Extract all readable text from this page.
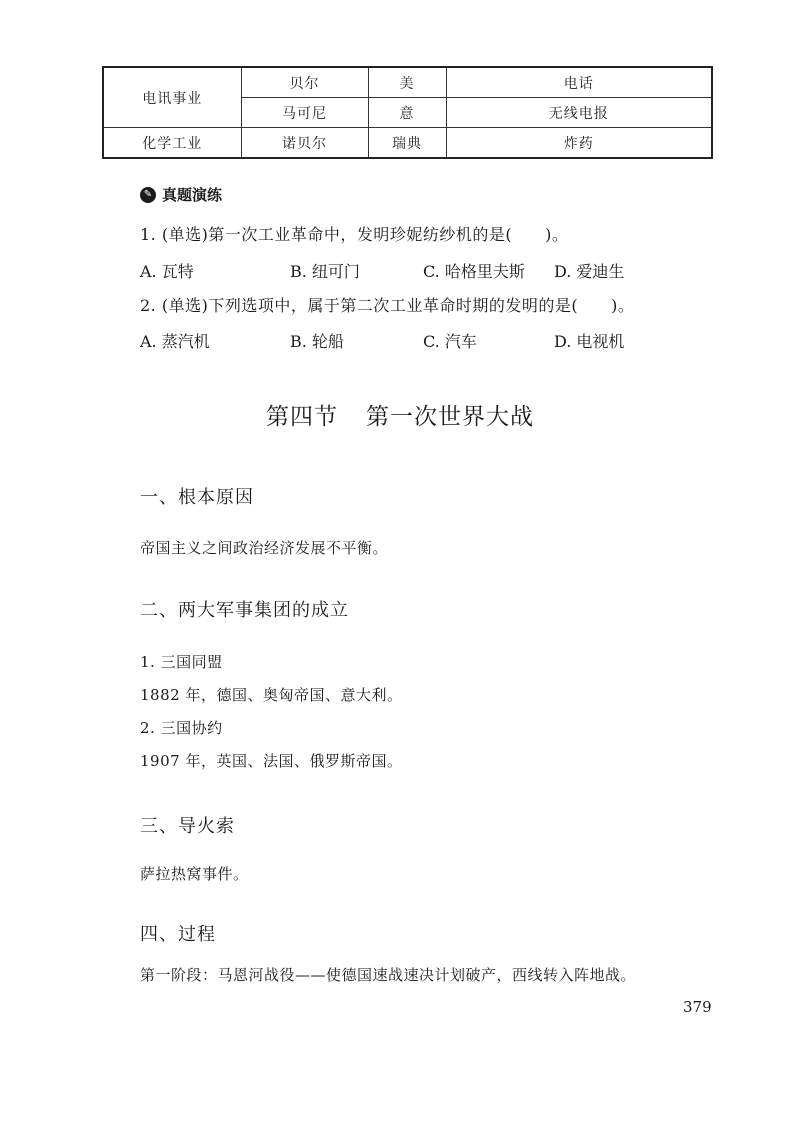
电讯事业	贝尔	美	电话
	马可尼	意	无线电报
化学工业	诺贝尔	瑞典	炸药
✎ 真题演练
1. (单选)第一次工业革命中，发明珍妮纺纱机的是(　　)。
A. 瓦特	B. 纽可门	C. 哈格里夫斯 D. 爱迪生
2. (单选)下列选项中，属于第二次工业革命时期的发明的是(　　)。
A. 蒸汽机	B. 轮船	C. 汽车	D. 电视机
第四节 第一次世界大战
一、根本原因
帝国主义之间政治经济发展不平衡。
二、两大军事集团的成立
1. 三国同盟
1882 年，德国、奥匈帝国、意大利。
2. 三国协约
1907 年，英国、法国、俄罗斯帝国。
三、导火索
萨拉热窝事件。
四、过程
第一阶段：马恩河战役——使德国速战速决计划破产，西线转入阵地战。
379
